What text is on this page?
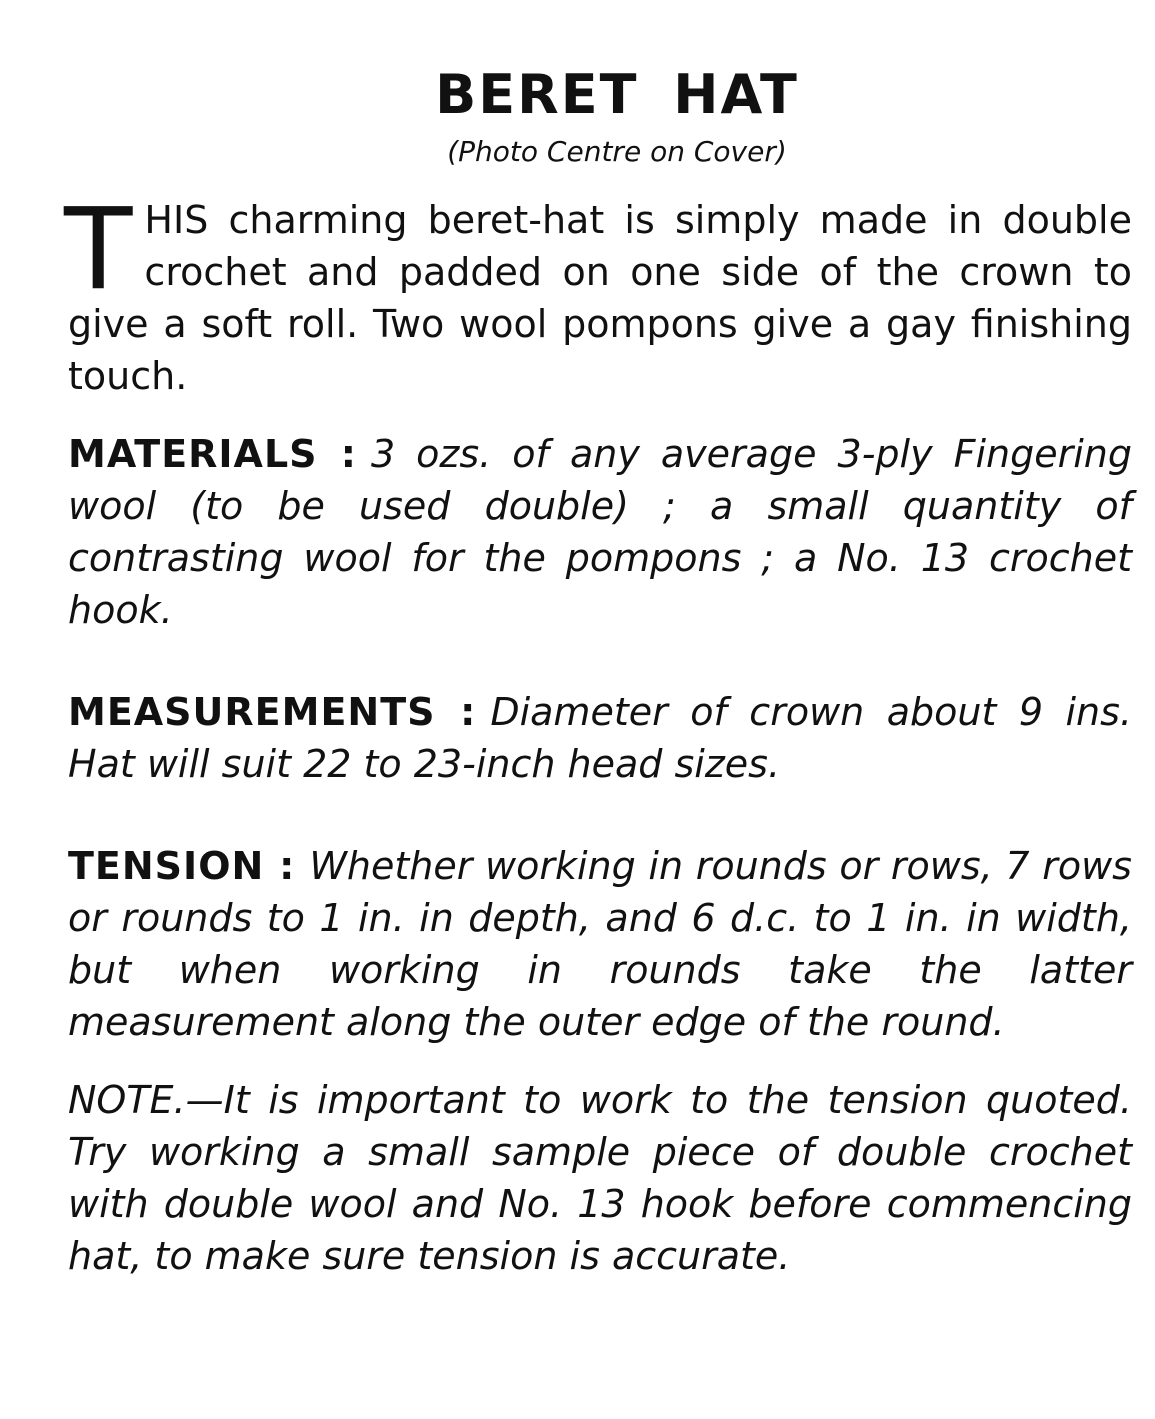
BERET HAT
(Photo Centre on Cover)

THIS charming beret-hat is simply made in double crochet and padded on one side of the crown to give a soft roll. Two wool pompons give a gay finishing touch.

MATERIALS : 3 ozs. of any average 3-ply Fingering wool (to be used double) ; a small quantity of contrasting wool for the pompons ; a No. 13 crochet hook.

MEASUREMENTS : Diameter of crown about 9 ins. Hat will suit 22 to 23-inch head sizes.

TENSION : Whether working in rounds or rows, 7 rows or rounds to 1 in. in depth, and 6 d.c. to 1 in. in width, but when working in rounds take the latter measurement along the outer edge of the round.

NOTE.—It is important to work to the tension quoted. Try working a small sample piece of double crochet with double wool and No. 13 hook before commencing hat, to make sure tension is accurate.
